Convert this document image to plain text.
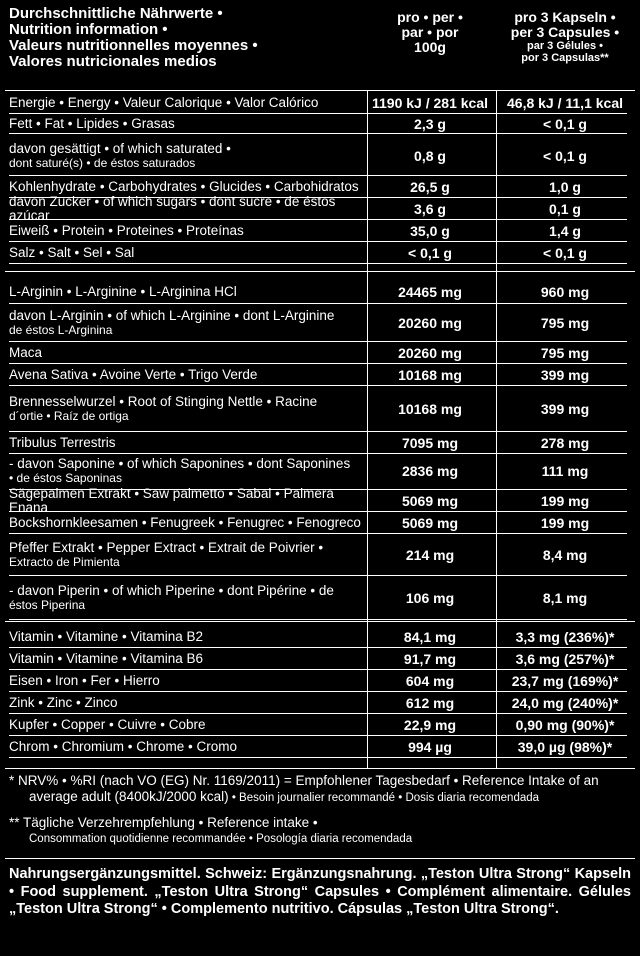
Durchschnittliche Nährwerte •
Nutrition information •
Valeurs nutritionnelles moyennes •
Valores nutricionales medios
pro • per •
par • por
100g
pro 3 Kapseln •
per 3 Capsules •
par 3 Gélules •
por 3 Capsulas**
Energie • Energy • Valeur Calorique • Valor Calórico	1190 kJ / 281 kcal	46,8 kJ / 11,1 kcal
Fett • Fat • Lipides • Grasas	2,3 g	< 0,1 g
davon gesättigt • of which saturated •
dont saturé(s) • de éstos saturados	0,8 g	< 0,1 g
Kohlenhydrate • Carbohydrates • Glucides • Carbohidratos	26,5 g	1,0 g
davon Zucker • of which sugars • dont sucre • de éstos azúcar	3,6 g	0,1 g
Eiweiß • Protein • Proteines • Proteínas	35,0 g	1,4 g
Salz • Salt • Sel • Sal	< 0,1 g	< 0,1 g
L-Arginin • L-Arginine • L-Arginina HCl	24465 mg	960 mg
davon L-Arginin • of which L-Arginine • dont L-Arginine
de éstos L-Arginina	20260 mg	795 mg
Maca	20260 mg	795 mg
Avena Sativa • Avoine Verte • Trigo Verde	10168 mg	399 mg
Brennesselwurzel • Root of Stinging Nettle • Racine
d´ortie • Raíz de ortiga	10168 mg	399 mg
Tribulus Terrestris	7095 mg	278 mg
- davon Saponine • of which Saponines • dont Saponines
• de éstos Saponinas	2836 mg	111 mg
Sägepalmen Extrakt • Saw palmetto • Sabal • Palmera Enana	5069 mg	199 mg
Bockshornkleesamen • Fenugreek • Fenugrec • Fenogreco	5069 mg	199 mg
Pfeffer Extrakt • Pepper Extract • Extrait de Poivrier •
Extracto de Pimienta	214 mg	8,4 mg
- davon Piperin • of which Piperine • dont Pipérine • de
éstos Piperina	106 mg	8,1 mg
Vitamin • Vitamine • Vitamina B2	84,1 mg	3,3 mg (236%)*
Vitamin • Vitamine • Vitamina B6	91,7 mg	3,6 mg (257%)*
Eisen • Iron • Fer • Hierro	604 mg	23,7 mg (169%)*
Zink • Zinc • Zinco	612 mg	24,0 mg (240%)*
Kupfer • Copper • Cuivre • Cobre	22,9 mg	0,90 mg (90%)*
Chrom • Chromium • Chrome • Cromo	994 µg	39,0 µg (98%)*
* NRV% • %RI (nach VO (EG) Nr. 1169/2011) = Empfohlener Tagesbedarf • Reference Intake of an
average adult (8400kJ/2000 kcal) • Besoin journalier recommandé • Dosis diaria recomendada
** Tägliche Verzehrempfehlung • Reference intake •
Consommation quotidienne recommandée • Posología diaria recomendada
Nahrungsergänzungsmittel. Schweiz: Ergänzungsnahrung. „Teston Ultra Strong“ Kapseln • Food supplement. „Teston Ultra Strong“ Capsules • Complément alimentaire. Gélules „Teston Ultra Strong“ • Complemento nutritivo. Cápsulas „Teston Ultra Strong“.
